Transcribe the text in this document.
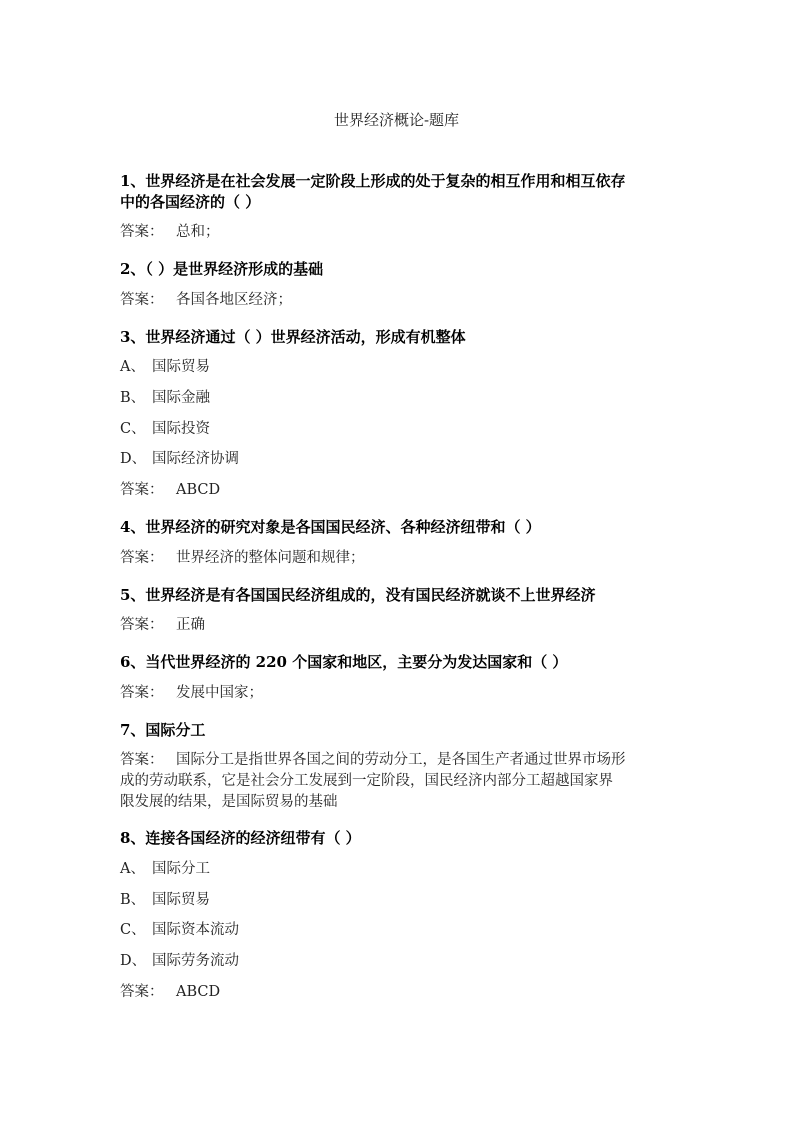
世界经济概论-题库
1、世界经济是在社会发展一定阶段上形成的处于复杂的相互作用和相互依存
中的各国经济的（ ）
答案： 总和；
2、（ ）是世界经济形成的基础
答案： 各国各地区经济；
3、世界经济通过（ ）世界经济活动，形成有机整体
A、 国际贸易
B、 国际金融
C、 国际投资
D、 国际经济协调
答案： ABCD
4、世界经济的研究对象是各国国民经济、各种经济纽带和（ ）
答案： 世界经济的整体问题和规律；
5、世界经济是有各国国民经济组成的，没有国民经济就谈不上世界经济
答案： 正确
6、当代世界经济的 220 个国家和地区，主要分为发达国家和（ ）
答案： 发展中国家；
7、国际分工
答案： 国际分工是指世界各国之间的劳动分工，是各国生产者通过世界市场形
成的劳动联系，它是社会分工发展到一定阶段，国民经济内部分工超越国家界
限发展的结果，是国际贸易的基础
8、连接各国经济的经济纽带有（ ）
A、 国际分工
B、 国际贸易
C、 国际资本流动
D、 国际劳务流动
答案： ABCD
